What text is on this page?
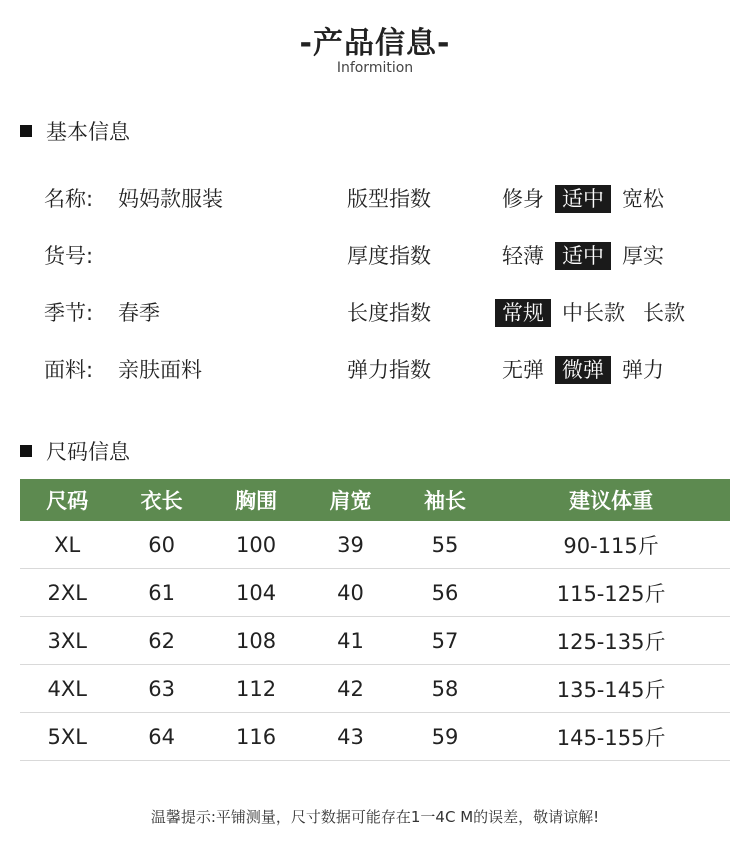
-产品信息-
Informition
基本信息
名称: 妈妈款服装	版型指数	修身 适中 宽松
货号:	厚度指数	轻薄 适中 厚实
季节: 春季	长度指数	常规 中长款 长款
面料: 亲肤面料	弹力指数	无弹 微弹 弹力
尺码信息
尺码	衣长	胸围	肩宽	袖长	建议体重
XL	60	100	39	55	90-115斤
2XL	61	104	40	56	115-125斤
3XL	62	108	41	57	125-135斤
4XL	63	112	42	58	135-145斤
5XL	64	116	43	59	145-155斤
温馨提示:平铺测量，尺寸数据可能存在1一4C M的误差，敬请谅解!
